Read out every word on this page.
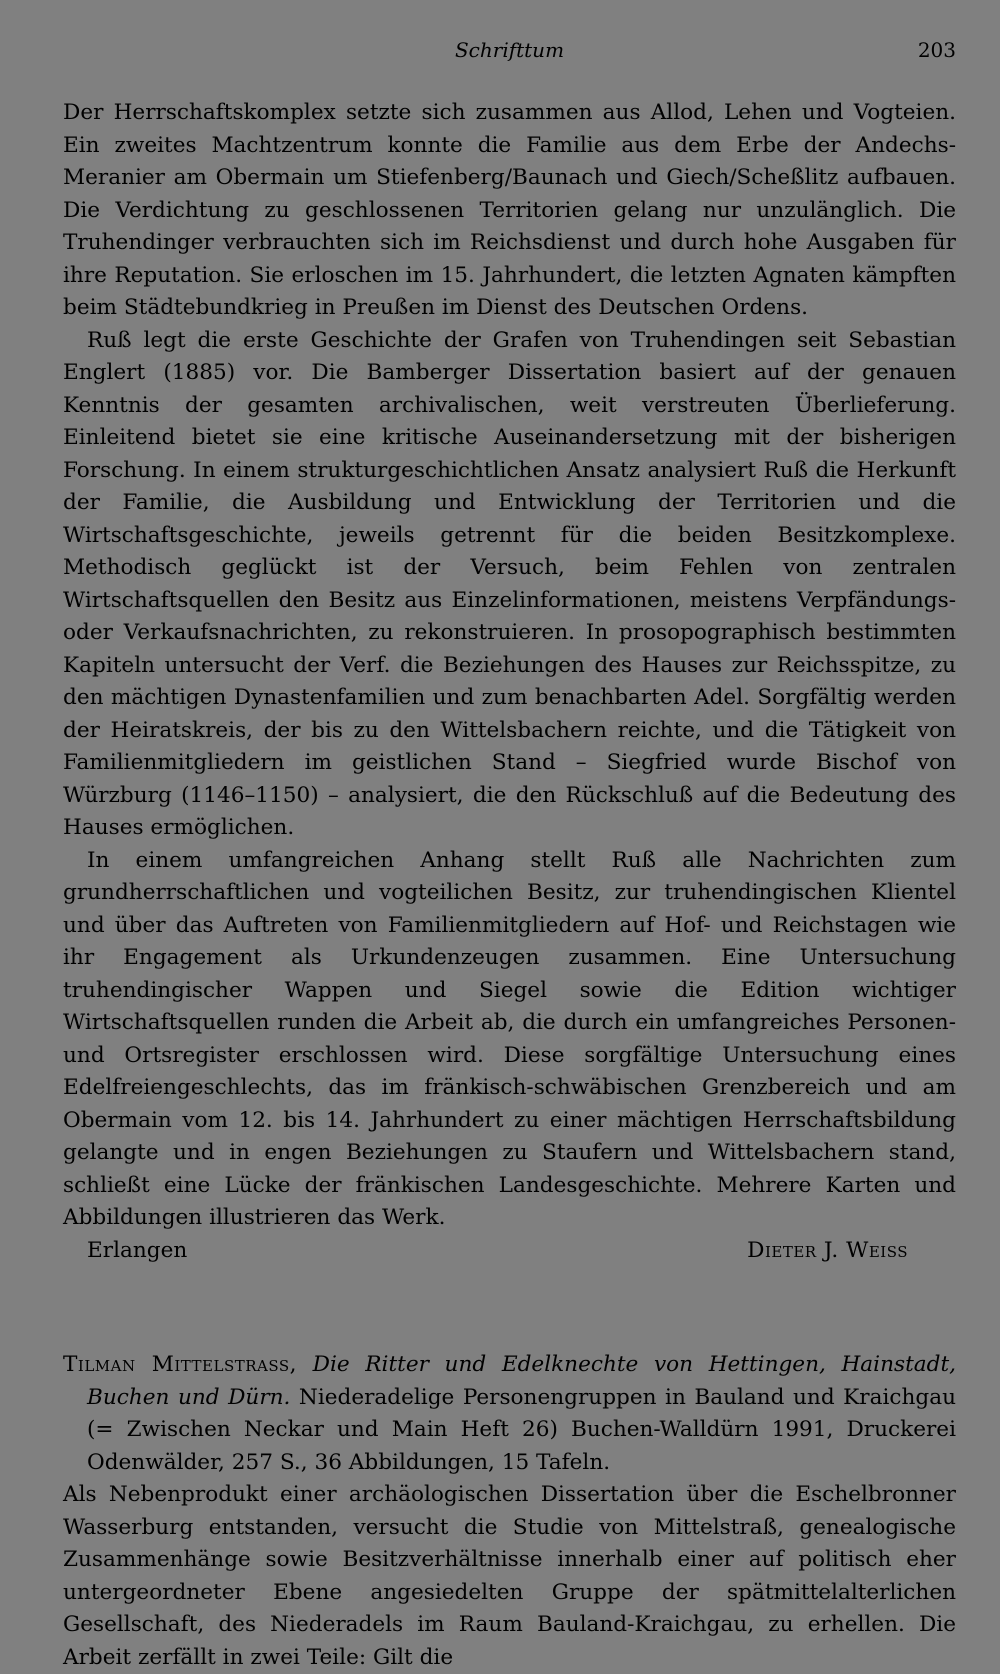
Schrifttum	203

Der Herrschaftskomplex setzte sich zusammen aus Allod, Lehen und Vogteien. Ein zweites Machtzentrum konnte die Familie aus dem Erbe der Andechs-Meranier am Obermain um Stiefenberg/Baunach und Giech/Scheßlitz aufbauen. Die Verdichtung zu geschlossenen Territorien gelang nur unzulänglich. Die Truhendinger verbrauchten sich im Reichsdienst und durch hohe Ausgaben für ihre Reputation. Sie erloschen im 15. Jahrhundert, die letzten Agnaten kämpften beim Städtebundkrieg in Preußen im Dienst des Deutschen Ordens.

Ruß legt die erste Geschichte der Grafen von Truhendingen seit Sebastian Englert (1885) vor. Die Bamberger Dissertation basiert auf der genauen Kenntnis der gesamten archivalischen, weit verstreuten Überlieferung. Einleitend bietet sie eine kritische Auseinandersetzung mit der bisherigen Forschung. In einem strukturgeschichtlichen Ansatz analysiert Ruß die Herkunft der Familie, die Ausbildung und Entwicklung der Territorien und die Wirtschaftsgeschichte, jeweils getrennt für die beiden Besitzkomplexe. Methodisch geglückt ist der Versuch, beim Fehlen von zentralen Wirtschaftsquellen den Besitz aus Einzelinformationen, meistens Verpfändungs- oder Verkaufsnachrichten, zu rekonstruieren. In prosopographisch bestimmten Kapiteln untersucht der Verf. die Beziehungen des Hauses zur Reichsspitze, zu den mächtigen Dynastenfamilien und zum benachbarten Adel. Sorgfältig werden der Heiratskreis, der bis zu den Wittelsbachern reichte, und die Tätigkeit von Familienmitgliedern im geistlichen Stand – Siegfried wurde Bischof von Würzburg (1146–1150) – analysiert, die den Rückschluß auf die Bedeutung des Hauses ermöglichen.

In einem umfangreichen Anhang stellt Ruß alle Nachrichten zum grundherrschaftlichen und vogteilichen Besitz, zur truhendingischen Klientel und über das Auftreten von Familienmitgliedern auf Hof- und Reichstagen wie ihr Engagement als Urkundenzeugen zusammen. Eine Untersuchung truhendingischer Wappen und Siegel sowie die Edition wichtiger Wirtschaftsquellen runden die Arbeit ab, die durch ein umfangreiches Personen- und Ortsregister erschlossen wird. Diese sorgfältige Untersuchung eines Edelfreiengeschlechts, das im fränkisch-schwäbischen Grenzbereich und am Obermain vom 12. bis 14. Jahrhundert zu einer mächtigen Herrschaftsbildung gelangte und in engen Beziehungen zu Staufern und Wittelsbachern stand, schließt eine Lücke der fränkischen Landesgeschichte. Mehrere Karten und Abbildungen illustrieren das Werk.

Erlangen	Dieter J. Weiss
Tilman Mittelstrass, Die Ritter und Edelknechte von Hettingen, Hainstadt, Buchen und Dürn. Niederadelige Personengruppen in Bauland und Kraichgau (= Zwischen Neckar und Main Heft 26) Buchen-Walldürn 1991, Druckerei Odenwälder, 257 S., 36 Abbildungen, 15 Tafeln.

Als Nebenprodukt einer archäologischen Dissertation über die Eschelbronner Wasserburg entstanden, versucht die Studie von Mittelstraß, genealogische Zusammenhänge sowie Besitzverhältnisse innerhalb einer auf politisch eher untergeordneter Ebene angesiedelten Gruppe der spätmittelalterlichen Gesellschaft, des Niederadels im Raum Bauland-Kraichgau, zu erhellen. Die Arbeit zerfällt in zwei Teile: Gilt die
